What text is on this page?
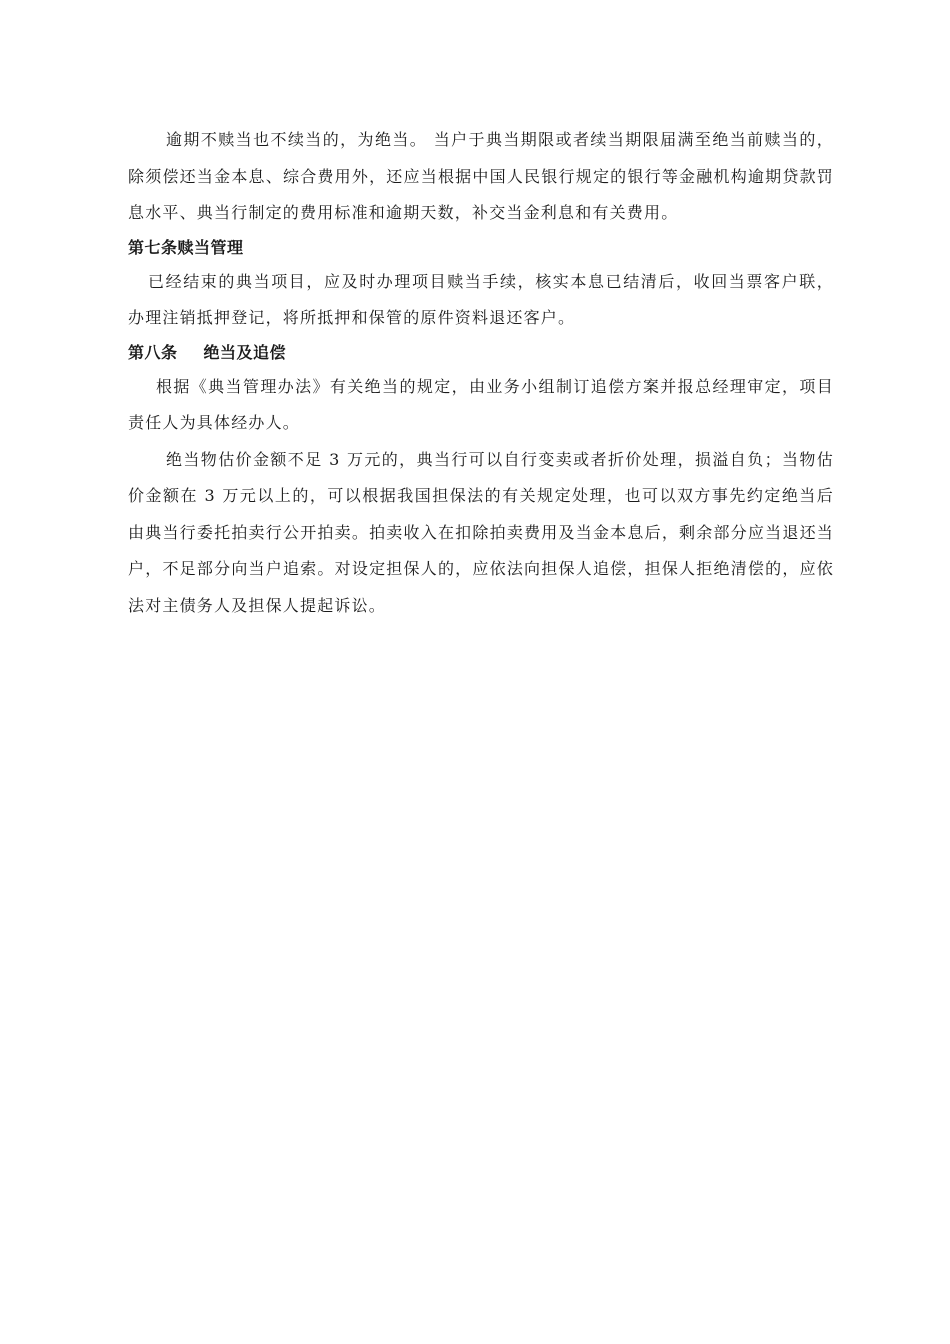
逾期不赎当也不续当的，为绝当。 当户于典当期限或者续当期限届满至绝当前赎当的，除须偿还当金本息、综合费用外，还应当根据中国人民银行规定的银行等金融机构逾期贷款罚息水平、典当行制定的费用标准和逾期天数，补交当金利息和有关费用。

第七条赎当管理

已经结束的典当项目，应及时办理项目赎当手续，核实本息已结清后，收回当票客户联，办理注销抵押登记，将所抵押和保管的原件资料退还客户。

第八条 绝当及追偿

根据《典当管理办法》有关绝当的规定，由业务小组制订追偿方案并报总经理审定，项目责任人为具体经办人。

绝当物估价金额不足 3 万元的，典当行可以自行变卖或者折价处理，损溢自负；当物估价金额在 3 万元以上的，可以根据我国担保法的有关规定处理，也可以双方事先约定绝当后由典当行委托拍卖行公开拍卖。拍卖收入在扣除拍卖费用及当金本息后，剩余部分应当退还当户，不足部分向当户追索。对设定担保人的，应依法向担保人追偿，担保人拒绝清偿的，应依法对主债务人及担保人提起诉讼。
